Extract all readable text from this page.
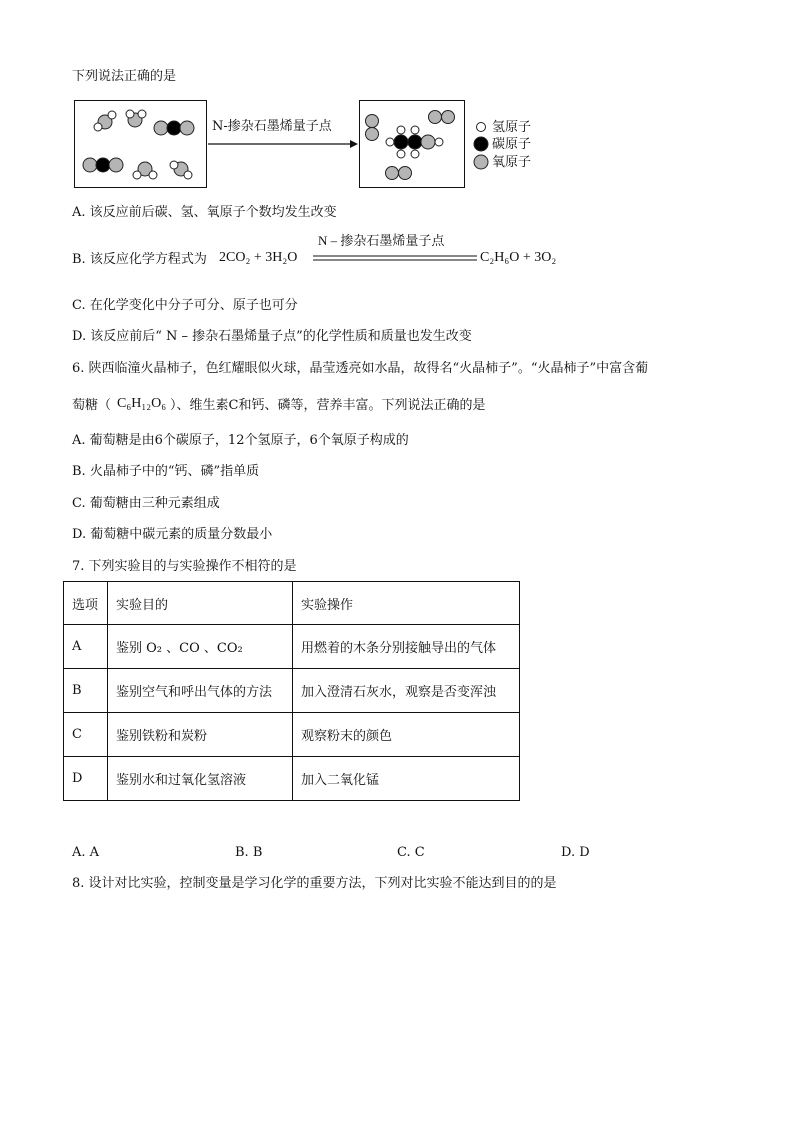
下列说法正确的是
N-掺杂石墨烯量子点	氢原子
碳原子
氧原子
A. 该反应前后碳、氢、氧原子个数均发生改变
B. 该反应化学方程式为 2CO₂ + 3H₂O
N – 掺杂石墨烯量子点
C₂H₆O + 3O₂
C. 在化学变化中分子可分、原子也可分
D. 该反应前后“ N – 掺杂石墨烯量子点”的化学性质和质量也发生改变
6. 陕西临潼火晶柿子，色红耀眼似火球，晶莹透亮如水晶，故得名“火晶柿子”。“火晶柿子”中富含葡
萄糖（ C₆H₁₂O₆ ）、维生素C和钙、磷等，营养丰富。下列说法正确的是
A. 葡萄糖是由6个碳原子，12个氢原子，6个氧原子构成的
B. 火晶柿子中的“钙、磷”指单质
C. 葡萄糖由三种元素组成
D. 葡萄糖中碳元素的质量分数最小
7. 下列实验目的与实验操作不相符的是
选项	实验目的	实验操作
A	鉴别 O₂ 、CO 、CO₂	用燃着的木条分别接触导出的气体
B	鉴别空气和呼出气体的方法	加入澄清石灰水，观察是否变浑浊
C	鉴别铁粉和炭粉	观察粉末的颜色
D	鉴别水和过氧化氢溶液	加入二氧化锰
A. A	B. B	C. C	D. D
8. 设计对比实验，控制变量是学习化学的重要方法，下列对比实验不能达到目的的是
